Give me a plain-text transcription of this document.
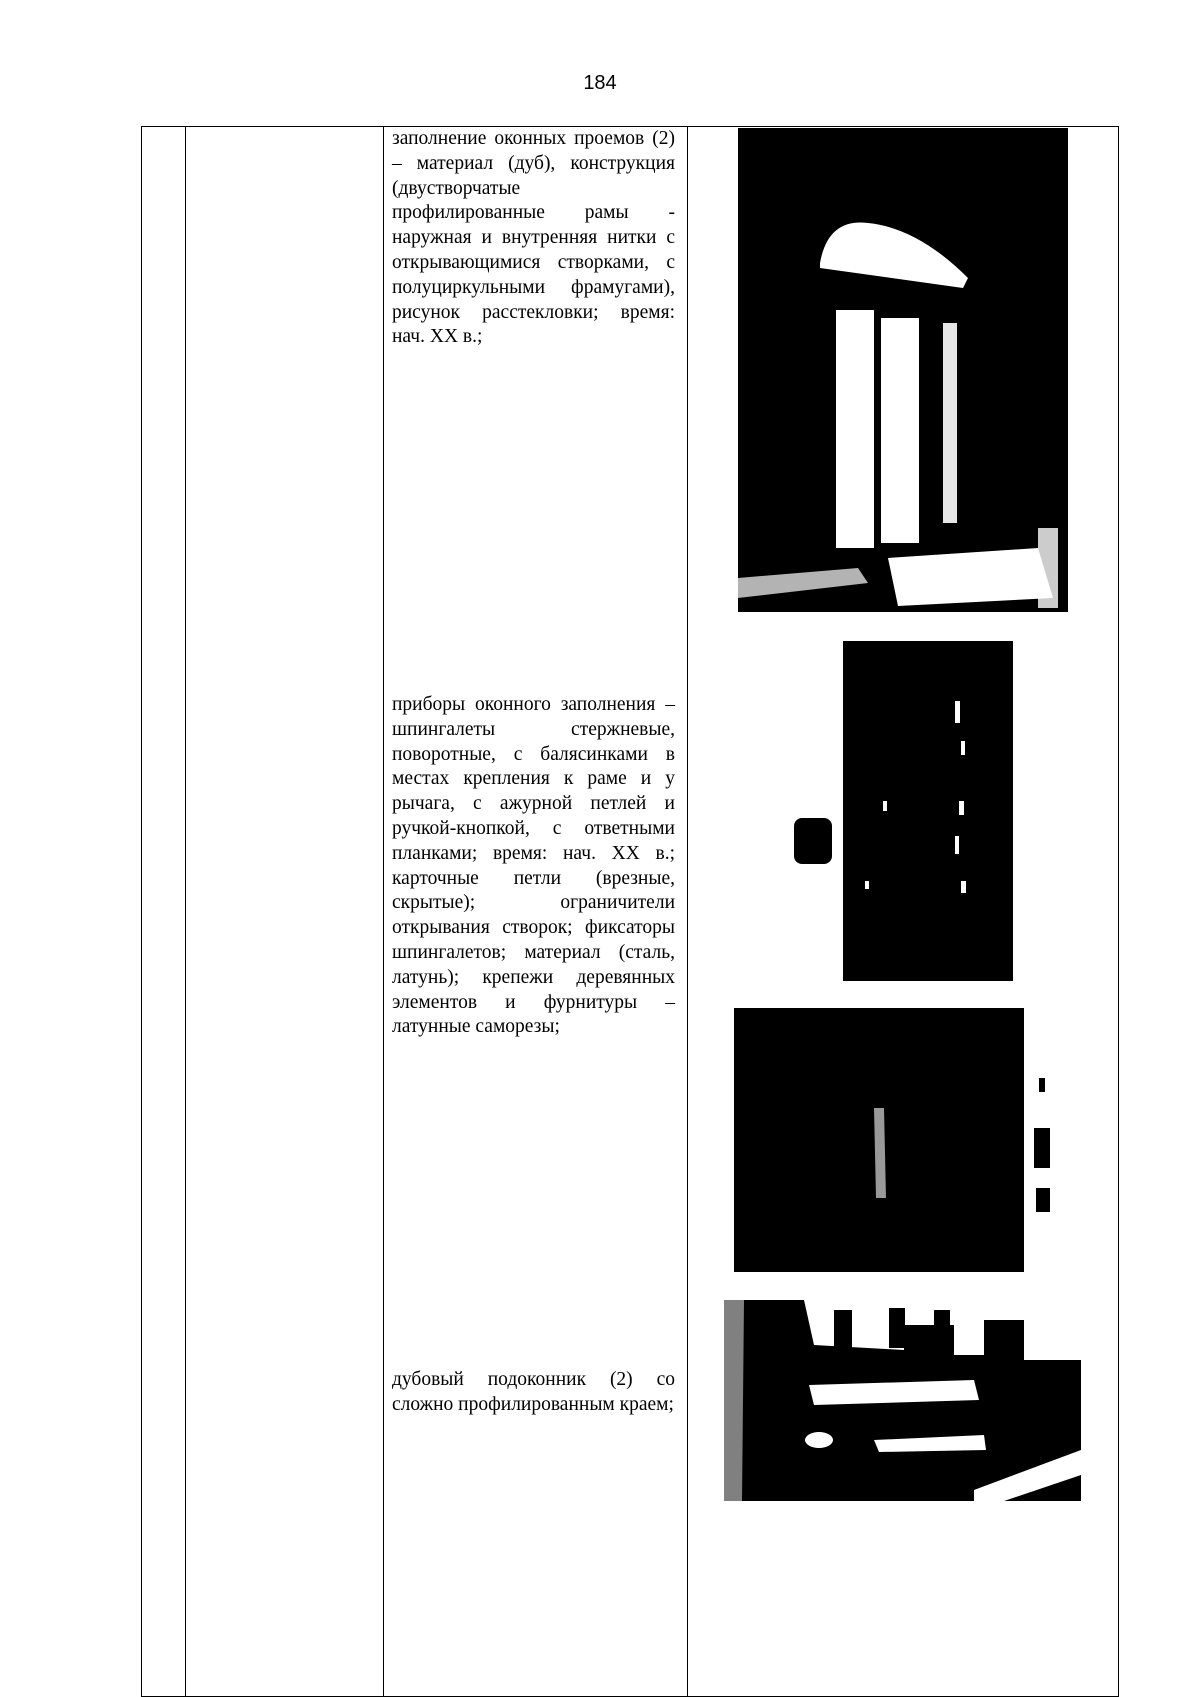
184
заполнение оконных проемов (2) – материал (дуб), конструкция (двустворчатые профилированные рамы - наружная и внутренняя нитки с открывающимися створками, с полуциркульными фрамугами), рисунок расстекловки; время: нач. XX в.;
приборы оконного заполнения – шпингалеты стержневые, поворотные, с балясинками в местах крепления к раме и у рычага, с ажурной петлей и ручкой-кнопкой, с ответными планками; время: нач. XX в.; карточные петли (врезные, скрытые); ограничители открывания створок; фиксаторы шпингалетов; материал (сталь, латунь); крепежи деревянных элементов и фурнитуры – латунные саморезы;
дубовый подоконник (2) со сложно профилированным краем;
